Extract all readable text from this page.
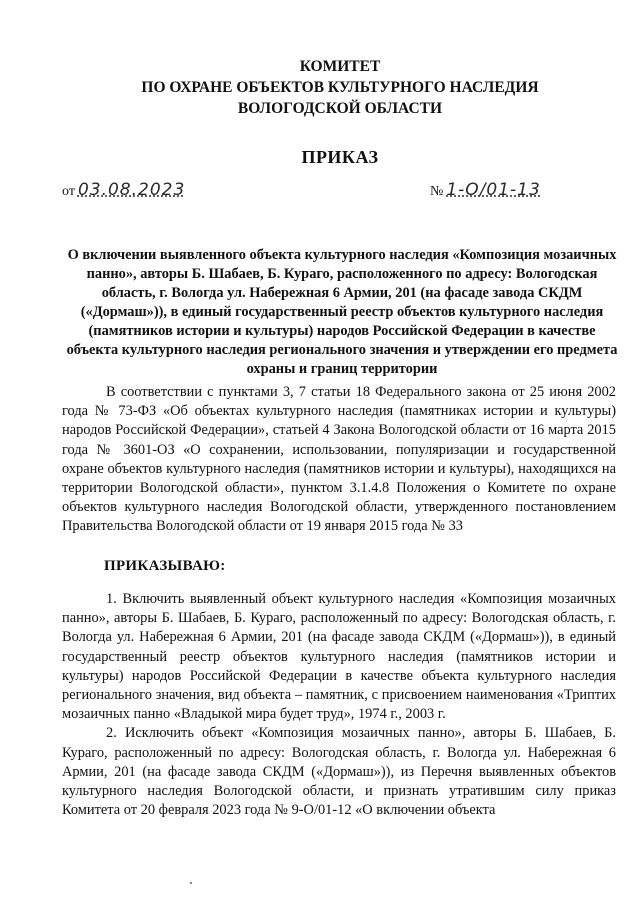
КОМИТЕТ
ПО ОХРАНЕ ОБЪЕКТОВ КУЛЬТУРНОГО НАСЛЕДИЯ
ВОЛОГОДСКОЙ ОБЛАСТИ
ПРИКАЗ
от 03.08.2023	№ 1-О/01-13
О включении выявленного объекта культурного наследия «Композиция мозаичных панно», авторы Б. Шабаев, Б. Кураго, расположенного по адресу: Вологодская область, г. Вологда ул. Набережная 6 Армии, 201 (на фасаде завода СКДМ («Дормаш»)), в единый государственный реестр объектов культурного наследия (памятников истории и культуры) народов Российской Федерации в качестве объекта культурного наследия регионального значения и утверждении его предмета охраны и границ территории

В соответствии с пунктами 3, 7 статьи 18 Федерального закона от 25 июня 2002 года № 73-ФЗ «Об объектах культурного наследия (памятниках истории и культуры) народов Российской Федерации», статьей 4 Закона Вологодской области от 16 марта 2015 года № 3601-ОЗ «О сохранении, использовании, популяризации и государственной охране объектов культурного наследия (памятников истории и культуры), находящихся на территории Вологодской области», пунктом 3.1.4.8 Положения о Комитете по охране объектов культурного наследия Вологодской области, утвержденного постановлением Правительства Вологодской области от 19 января 2015 года № 33

ПРИКАЗЫВАЮ:

1. Включить выявленный объект культурного наследия «Композиция мозаичных панно», авторы Б. Шабаев, Б. Кураго, расположенный по адресу: Вологодская область, г. Вологда ул. Набережная 6 Армии, 201 (на фасаде завода СКДМ («Дормаш»)), в единый государственный реестр объектов культурного наследия (памятников истории и культуры) народов Российской Федерации в качестве объекта культурного наследия регионального значения, вид объекта – памятник, с присвоением наименования «Триптих мозаичных панно «Владыкой мира будет труд», 1974 г., 2003 г.

2. Исключить объект «Композиция мозаичных панно», авторы Б. Шабаев, Б. Кураго, расположенный по адресу: Вологодская область, г. Вологда ул. Набережная 6 Армии, 201 (на фасаде завода СКДМ («Дормаш»)), из Перечня выявленных объектов культурного наследия Вологодской области, и признать утратившим силу приказ Комитета от 20 февраля 2023 года № 9-О/01-12 «О включении объекта
